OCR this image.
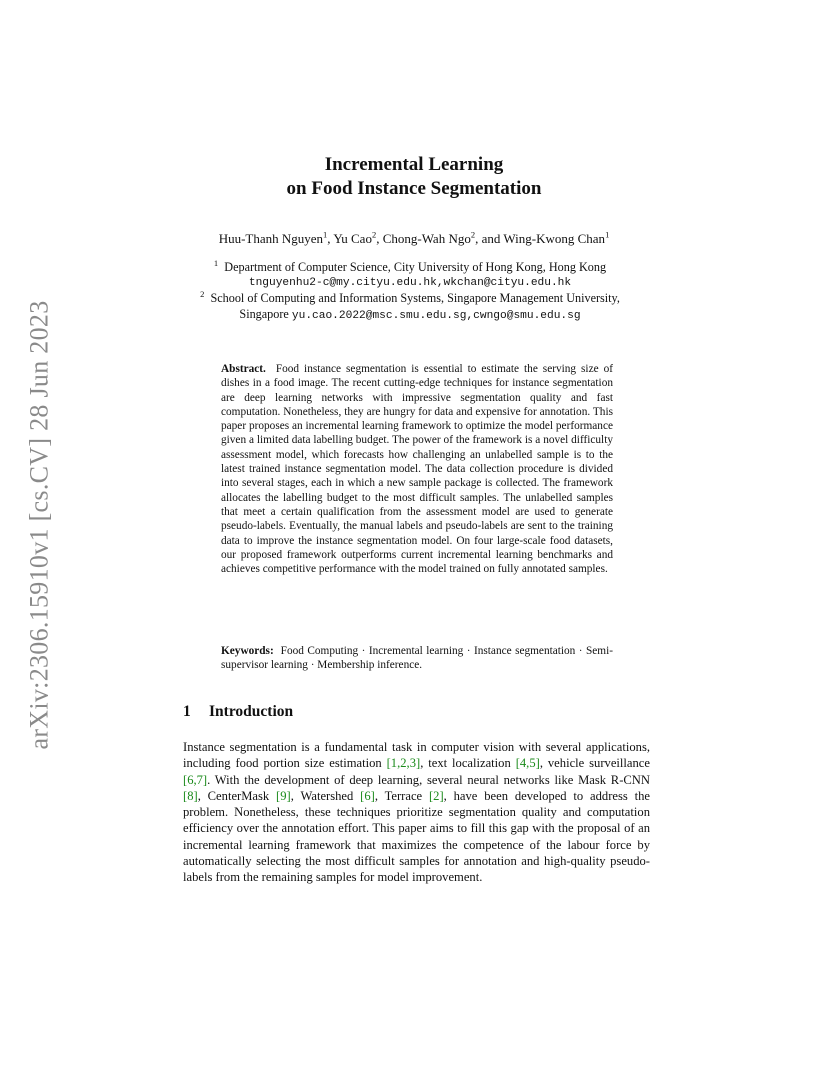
arXiv:2306.15910v1 [cs.CV] 28 Jun 2023
Incremental Learning
on Food Instance Segmentation
Huu-Thanh Nguyen$^1$, Yu Cao$^2$, Chong-Wah Ngo$^2$, and Wing-Kwong Chan$^1$
$^1$ Department of Computer Science, City University of Hong Kong, Hong Kong
tnguyenhu2-c@my.cityu.edu.hk,wkchan@cityu.edu.hk
$^2$ School of Computing and Information Systems, Singapore Management University,
Singapore yu.cao.2022@msc.smu.edu.sg,cwngo@smu.edu.sg
Abstract. Food instance segmentation is essential to estimate the serving size of dishes in a food image. The recent cutting-edge techniques for instance segmentation are deep learning networks with impressive segmentation quality and fast computation. Nonetheless, they are hungry for data and expensive for annotation. This paper proposes an incremental learning framework to optimize the model performance given a limited data labelling budget. The power of the framework is a novel difficulty assessment model, which forecasts how challenging an unlabelled sample is to the latest trained instance segmentation model. The data collection procedure is divided into several stages, each in which a new sample package is collected. The framework allocates the labelling budget to the most difficult samples. The unlabelled samples that meet a certain qualification from the assessment model are used to generate pseudo-labels. Eventually, the manual labels and pseudo-labels are sent to the training data to improve the instance segmentation model. On four large-scale food datasets, our proposed framework outperforms current incremental learning benchmarks and achieves competitive performance with the model trained on fully annotated samples.
Keywords: Food Computing · Incremental learning · Instance segmentation · Semi-supervisor learning · Membership inference.
1 Introduction
Instance segmentation is a fundamental task in computer vision with several applications, including food portion size estimation [1,2,3], text localization [4,5], vehicle surveillance [6,7]. With the development of deep learning, several neural networks like Mask R-CNN [8], CenterMask [9], Watershed [6], Terrace [2], have been developed to address the problem. Nonetheless, these techniques prioritize segmentation quality and computation efficiency over the annotation effort. This paper aims to fill this gap with the proposal of an incremental learning framework that maximizes the competence of the labour force by automatically selecting the most difficult samples for annotation and high-quality pseudo-labels from the remaining samples for model improvement.
